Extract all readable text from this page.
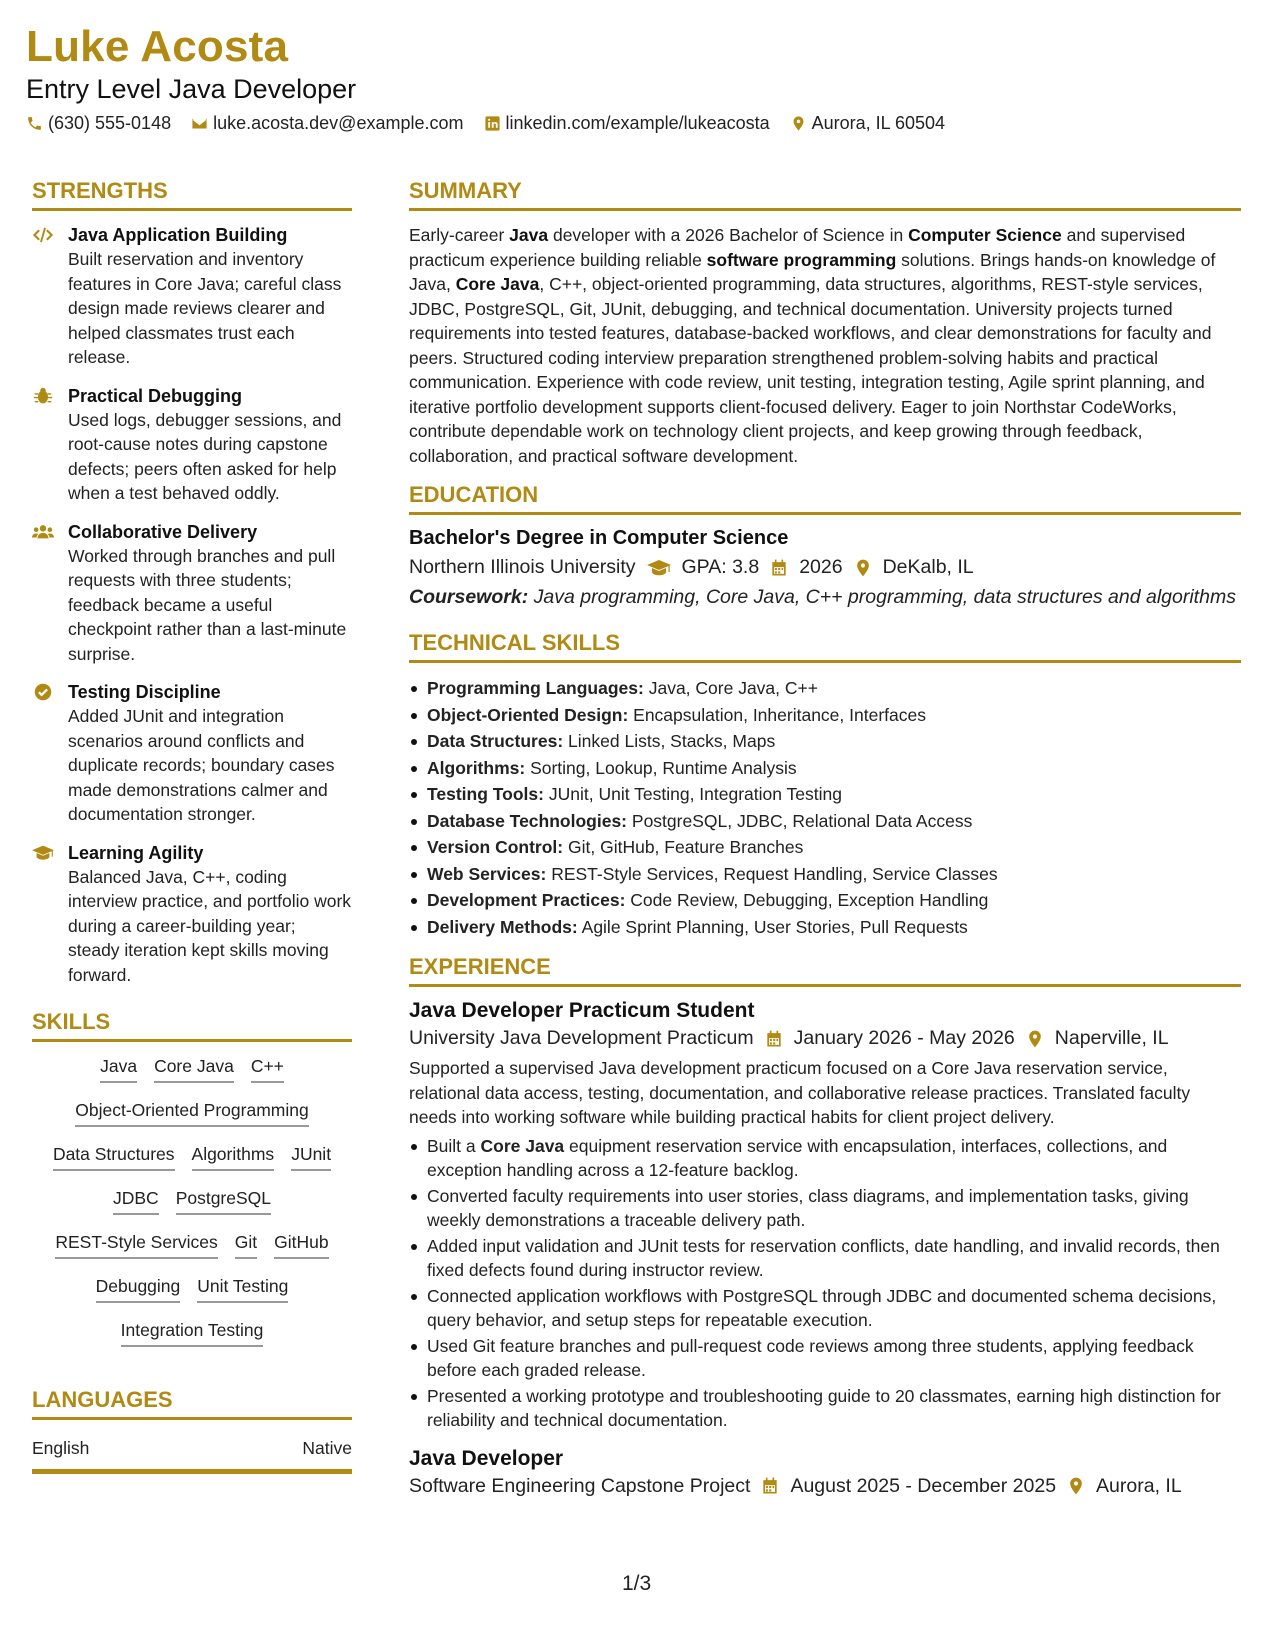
Luke Acosta
Entry Level Java Developer
(630) 555-0148 luke.acosta.dev@example.com linkedin.com/example/lukeacosta Aurora, IL 60504
STRENGTHS
Java Application Building
Built reservation and inventory features in Core Java; careful class design made reviews clearer and helped classmates trust each release.
Practical Debugging
Used logs, debugger sessions, and root-cause notes during capstone defects; peers often asked for help when a test behaved oddly.
Collaborative Delivery
Worked through branches and pull requests with three students; feedback became a useful checkpoint rather than a last-minute surprise.
Testing Discipline
Added JUnit and integration scenarios around conflicts and duplicate records; boundary cases made demonstrations calmer and documentation stronger.
Learning Agility
Balanced Java, C++, coding interview practice, and portfolio work during a career-building year; steady iteration kept skills moving forward.
SKILLS
Java Core Java C++
Object-Oriented Programming
Data Structures Algorithms JUnit
JDBC PostgreSQL
REST-Style Services Git GitHub
Debugging Unit Testing
Integration Testing
LANGUAGES
English	Native
SUMMARY
Early-career Java developer with a 2026 Bachelor of Science in Computer Science and supervised practicum experience building reliable software programming solutions. Brings hands-on knowledge of Java, Core Java, C++, object-oriented programming, data structures, algorithms, REST-style services, JDBC, PostgreSQL, Git, JUnit, debugging, and technical documentation. University projects turned requirements into tested features, database-backed workflows, and clear demonstrations for faculty and peers. Structured coding interview preparation strengthened problem-solving habits and practical communication. Experience with code review, unit testing, integration testing, Agile sprint planning, and iterative portfolio development supports client-focused delivery. Eager to join Northstar CodeWorks, contribute dependable work on technology client projects, and keep growing through feedback, collaboration, and practical software development.
EDUCATION
Bachelor's Degree in Computer Science
Northern Illinois University GPA: 3.8 2026 DeKalb, IL
Coursework: Java programming, Core Java, C++ programming, data structures and algorithms
TECHNICAL SKILLS
Programming Languages: Java, Core Java, C++
Object-Oriented Design: Encapsulation, Inheritance, Interfaces
Data Structures: Linked Lists, Stacks, Maps
Algorithms: Sorting, Lookup, Runtime Analysis
Testing Tools: JUnit, Unit Testing, Integration Testing
Database Technologies: PostgreSQL, JDBC, Relational Data Access
Version Control: Git, GitHub, Feature Branches
Web Services: REST-Style Services, Request Handling, Service Classes
Development Practices: Code Review, Debugging, Exception Handling
Delivery Methods: Agile Sprint Planning, User Stories, Pull Requests
EXPERIENCE
Java Developer Practicum Student
University Java Development Practicum January 2026 - May 2026 Naperville, IL
Supported a supervised Java development practicum focused on a Core Java reservation service, relational data access, testing, documentation, and collaborative release practices. Translated faculty needs into working software while building practical habits for client project delivery.
Built a Core Java equipment reservation service with encapsulation, interfaces, collections, and exception handling across a 12-feature backlog.
Converted faculty requirements into user stories, class diagrams, and implementation tasks, giving weekly demonstrations a traceable delivery path.
Added input validation and JUnit tests for reservation conflicts, date handling, and invalid records, then fixed defects found during instructor review.
Connected application workflows with PostgreSQL through JDBC and documented schema decisions, query behavior, and setup steps for repeatable execution.
Used Git feature branches and pull-request code reviews among three students, applying feedback before each graded release.
Presented a working prototype and troubleshooting guide to 20 classmates, earning high distinction for reliability and technical documentation.
Java Developer
Software Engineering Capstone Project August 2025 - December 2025 Aurora, IL
1/3
